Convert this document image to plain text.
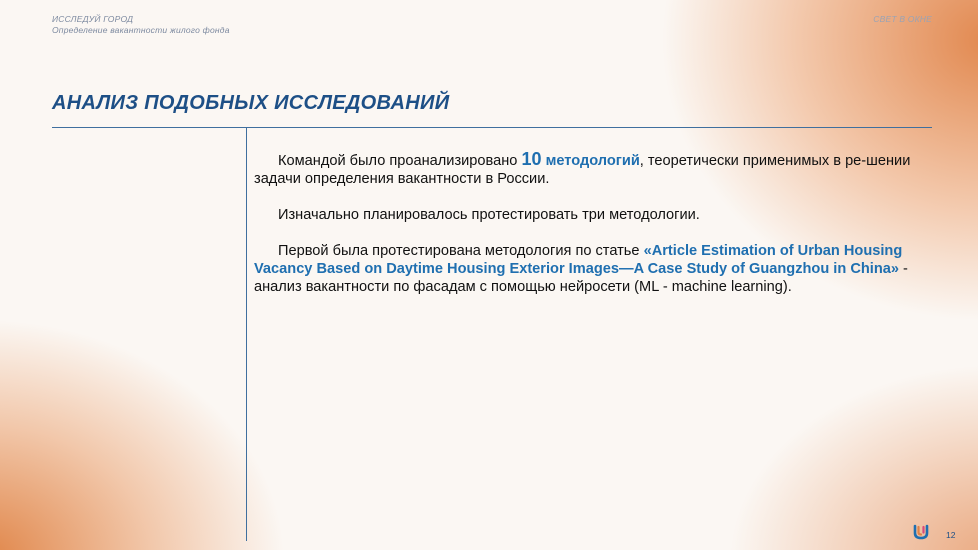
ИССЛЕДУЙ ГОРОД
Определение вакантности жилого фонда
СВЕТ В ОКНЕ
АНАЛИЗ ПОДОБНЫХ ИССЛЕДОВАНИЙ

Командой было проанализировано 10 методологий, теоретически применимых в ре-шении задачи определения вакантности в России.

Изначально планировалось протестировать три методологии.

Первой была протестирована методология по статье «Article Estimation of Urban Housing Vacancy Based on Daytime Housing Exterior Images—A Case Study of Guangzhou in China» - анализ вакантности по фасадам с помощью нейросети (ML - machine learning).

12
